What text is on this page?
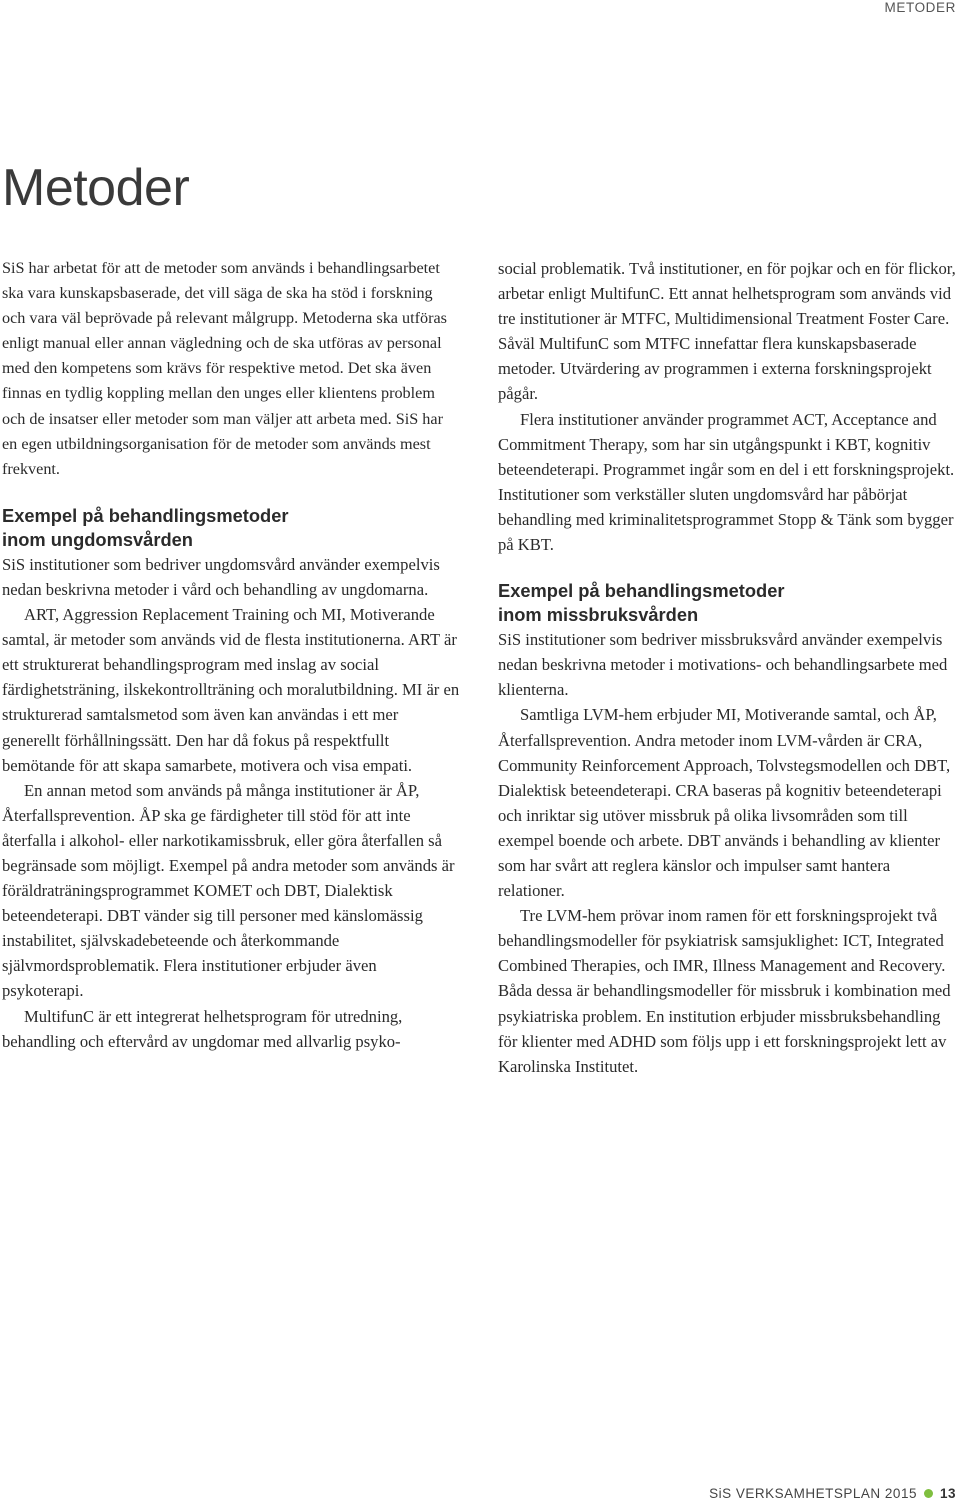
METODER
Metoder

SiS har arbetat för att de metoder som används i behandlingsarbetet ska vara kunskapsbaserade, det vill säga de ska ha stöd i forskning och vara väl beprövade på relevant målgrupp. Metoderna ska utföras enligt manual eller annan vägledning och de ska utföras av personal med den kompetens som krävs för respektive metod. Det ska även finnas en tydlig koppling mellan den unges eller klientens problem och de insatser eller metoder som man väljer att arbeta med. SiS har en egen utbildningsorganisation för de metoder som används mest frekvent.

Exempel på behandlingsmetoder
inom ungdomsvården

SiS institutioner som bedriver ungdomsvård använder exempelvis nedan beskrivna metoder i vård och behandling av ungdomarna.

ART, Aggression Replacement Training och MI, Motiverande samtal, är metoder som används vid de flesta institutionerna. ART är ett strukturerat behandlingsprogram med inslag av social färdighetsträning, ilskekontrollträning och moralutbildning. MI är en strukturerad samtalsmetod som även kan användas i ett mer generellt förhållningssätt. Den har då fokus på respektfullt bemötande för att skapa samarbete, motivera och visa empati.

En annan metod som används på många institutioner är ÅP, Återfallsprevention. ÅP ska ge färdigheter till stöd för att inte återfalla i alkohol- eller narkotikamissbruk, eller göra återfallen så begränsade som möjligt. Exempel på andra metoder som används är föräldraträningsprogrammet KOMET och DBT, Dialektisk beteendeterapi. DBT vänder sig till personer med känslomässig instabilitet, självskadebeteende och återkommande självmordsproblematik. Flera institutioner erbjuder även psykoterapi.

MultifunC är ett integrerat helhetsprogram för utredning, behandling och eftervård av ungdomar med allvarlig psyko-

social problematik. Två institutioner, en för pojkar och en för flickor, arbetar enligt MultifunC. Ett annat helhetsprogram som används vid tre institutioner är MTFC, Multidimensional Treatment Foster Care. Såväl MultifunC som MTFC innefattar flera kunskapsbaserade metoder. Utvärdering av programmen i externa forskningsprojekt pågår.

Flera institutioner använder programmet ACT, Acceptance and Commitment Therapy, som har sin utgångspunkt i KBT, kognitiv beteendeterapi. Programmet ingår som en del i ett forskningsprojekt. Institutioner som verkställer sluten ungdomsvård har påbörjat behandling med kriminalitetsprogrammet Stopp & Tänk som bygger på KBT.

Exempel på behandlingsmetoder
inom missbruksvården

SiS institutioner som bedriver missbruksvård använder exempelvis nedan beskrivna metoder i motivations- och behandlingsarbete med klienterna.

Samtliga LVM-hem erbjuder MI, Motiverande samtal, och ÅP, Återfallsprevention. Andra metoder inom LVM-vården är CRA, Community Reinforcement Approach, Tolvstegsmodellen och DBT, Dialektisk beteendeterapi. CRA baseras på kognitiv beteendeterapi och inriktar sig utöver missbruk på olika livsområden som till exempel boende och arbete. DBT används i behandling av klienter som har svårt att reglera känslor och impulser samt hantera relationer.

Tre LVM-hem prövar inom ramen för ett forskningsprojekt två behandlingsmodeller för psykiatrisk samsjuklighet: ICT, Integrated Combined Therapies, och IMR, Illness Management and Recovery. Båda dessa är behandlingsmodeller för missbruk i kombination med psykiatriska problem. En institution erbjuder missbruksbehandling för klienter med ADHD som följs upp i ett forskningsprojekt lett av Karolinska Institutet.

SiS VERKSAMHETSPLAN 2015 13
